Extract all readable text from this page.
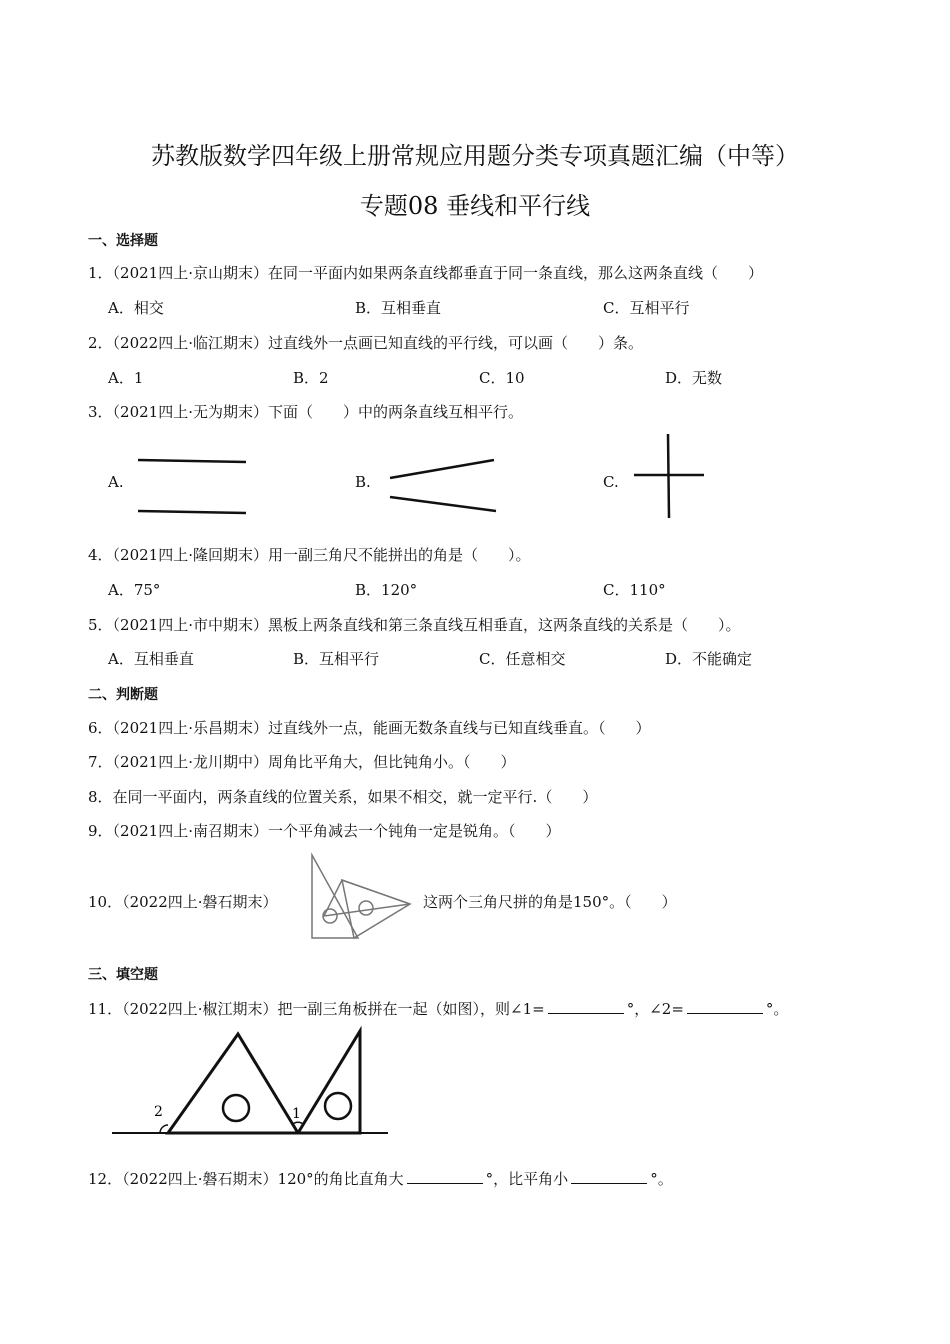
苏教版数学四年级上册常规应用题分类专项真题汇编（中等）
专题08 垂线和平行线
一、选择题
1．（2021四上·京山期末）在同一平面内如果两条直线都垂直于同一条直线，那么这两条直线（　　）
A．相交	B．互相垂直	C．互相平行
2．（2022四上·临江期末）过直线外一点画已知直线的平行线，可以画（　　）条。
A．1	B．2	C．10	D．无数
3．（2021四上·无为期末）下面（　　）中的两条直线互相平行。
A.	B.	C.
4．（2021四上·隆回期末）用一副三角尺不能拼出的角是（　　）。
A．75°	B．120°	C．110°
5．（2021四上·市中期末）黑板上两条直线和第三条直线互相垂直，这两条直线的关系是（　　）。
A．互相垂直	B．互相平行	C．任意相交	D．不能确定
二、判断题
6．（2021四上·乐昌期末）过直线外一点，能画无数条直线与已知直线垂直。（　　）
7．（2021四上·龙川期中）周角比平角大，但比钝角小。（　　）
8．在同一平面内，两条直线的位置关系，如果不相交，就一定平行.（　　）
9．（2021四上·南召期末）一个平角减去一个钝角一定是锐角。（　　）
10．（2022四上·磐石期末）	这两个三角尺拼的角是150°。（　　）
三、填空题
11．（2022四上·椒江期末）把一副三角板拼在一起（如图），则∠1=	°，∠2=	°。
2	1
12．（2022四上·磐石期末）120°的角比直角大	°，比平角小	°。
